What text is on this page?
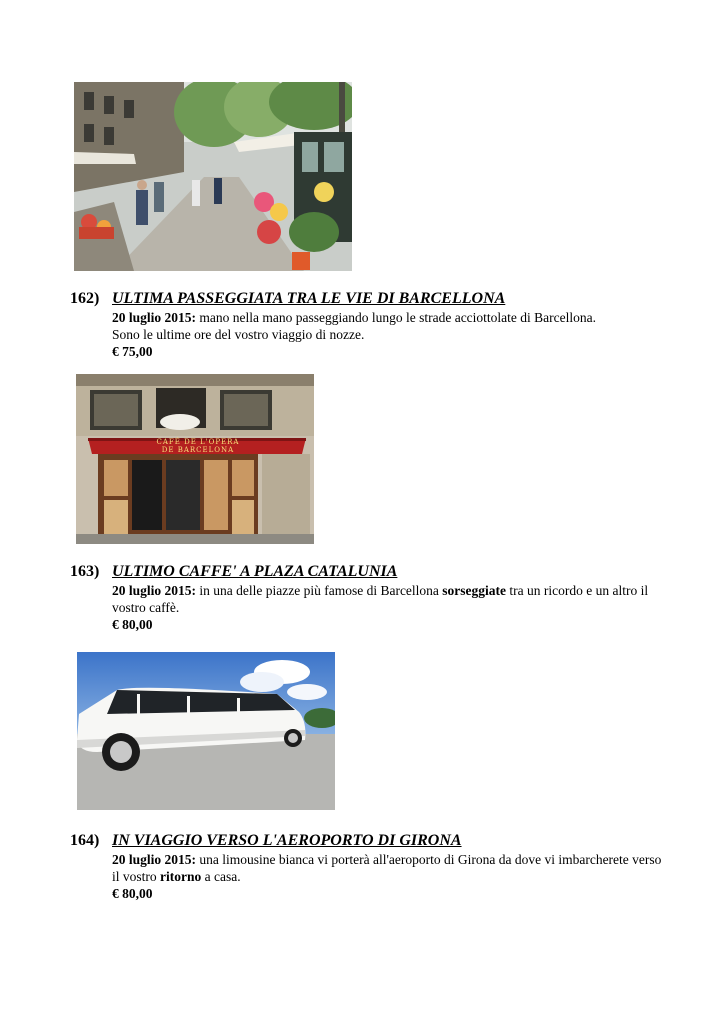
162) ULTIMA PASSEGGIATA TRA LE VIE DI BARCELLONA
20 luglio 2015: mano nella mano passeggiando lungo le strade acciottolate di Barcellona.
Sono le ultime ore del vostro viaggio di nozze.
€ 75,00
CAFÉ DE L'OPERA
DE BARCELONA
163) ULTIMO CAFFE' A PLAZA CATALUNIA
20 luglio 2015: in una delle piazze più famose di Barcellona sorseggiate tra un ricordo e un altro il vostro caffè.
€ 80,00
164) IN VIAGGIO VERSO L'AEROPORTO DI GIRONA
20 luglio 2015: una limousine bianca vi porterà all'aeroporto di Girona da dove vi imbarcherete verso il vostro ritorno a casa.
€ 80,00
